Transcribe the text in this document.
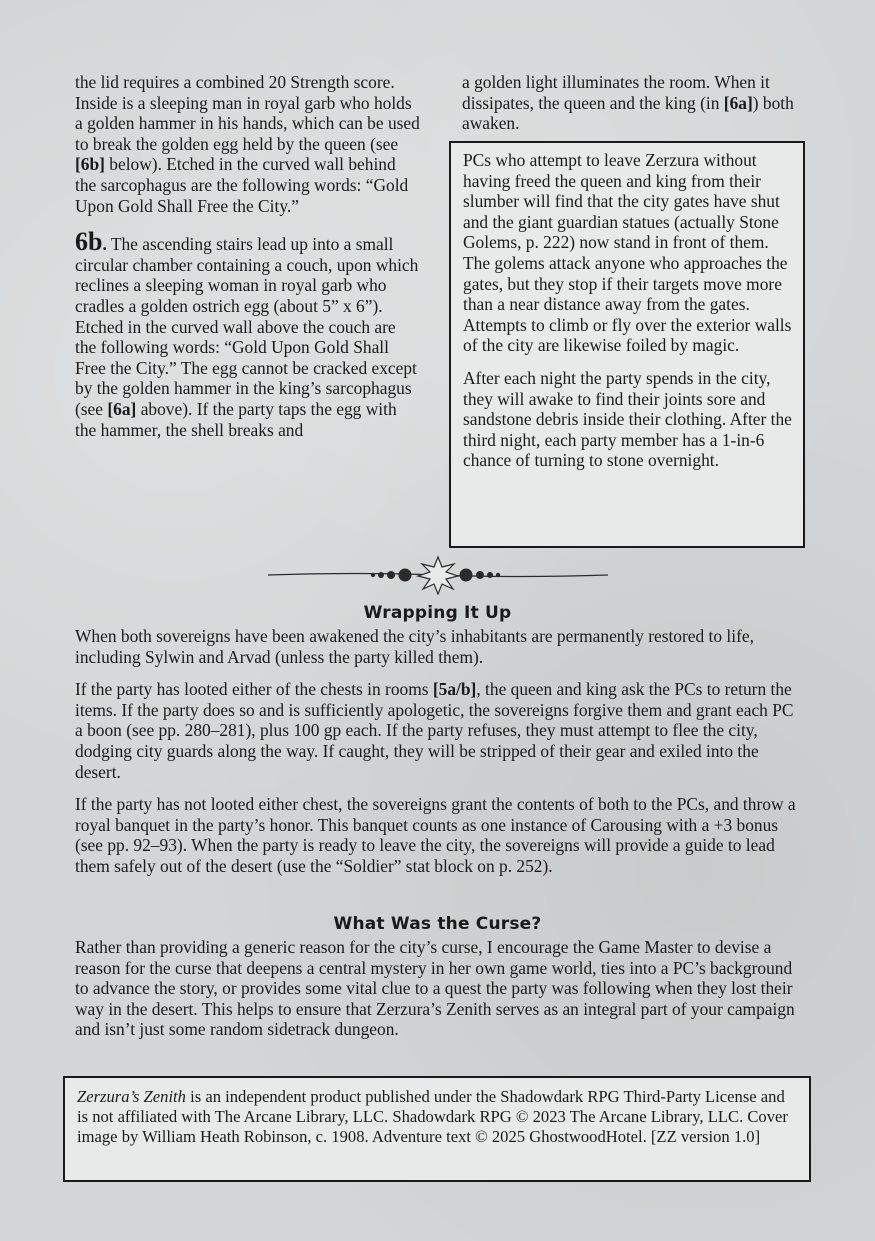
the lid requires a combined 20 Strength score. Inside is a sleeping man in royal garb who holds a golden hammer in his hands, which can be used to break the golden egg held by the queen (see [6b] below). Etched in the curved wall behind the sarcophagus are the following words: “Gold Upon Gold Shall Free the City.”

6b. The ascending stairs lead up into a small circular chamber containing a couch, upon which reclines a sleeping woman in royal garb who cradles a golden ostrich egg (about 5” x 6”). Etched in the curved wall above the couch are the following words: “Gold Upon Gold Shall Free the City.” The egg cannot be cracked except by the golden hammer in the king’s sarcophagus (see [6a] above). If the party taps the egg with the hammer, the shell breaks and

a golden light illuminates the room. When it dissipates, the queen and the king (in [6a]) both awaken.

PCs who attempt to leave Zerzura without having freed the queen and king from their slumber will find that the city gates have shut and the giant guardian statues (actually Stone Golems, p. 222) now stand in front of them. The golems attack anyone who approaches the gates, but they stop if their targets move more than a near distance away from the gates. Attempts to climb or fly over the exterior walls of the city are likewise foiled by magic.

After each night the party spends in the city, they will awake to find their joints sore and sandstone debris inside their clothing. After the third night, each party member has a 1-in-6 chance of turning to stone overnight.

Wrapping It Up

When both sovereigns have been awakened the city’s inhabitants are permanently restored to life, including Sylwin and Arvad (unless the party killed them).

If the party has looted either of the chests in rooms [5a/b], the queen and king ask the PCs to return the items. If the party does so and is sufficiently apologetic, the sovereigns forgive them and grant each PC a boon (see pp. 280–281), plus 100 gp each. If the party refuses, they must attempt to flee the city, dodging city guards along the way. If caught, they will be stripped of their gear and exiled into the desert.

If the party has not looted either chest, the sovereigns grant the contents of both to the PCs, and throw a royal banquet in the party’s honor. This banquet counts as one instance of Carousing with a +3 bonus (see pp. 92–93). When the party is ready to leave the city, the sovereigns will provide a guide to lead them safely out of the desert (use the “Soldier” stat block on p. 252).

What Was the Curse?

Rather than providing a generic reason for the city’s curse, I encourage the Game Master to devise a reason for the curse that deepens a central mystery in her own game world, ties into a PC’s background to advance the story, or provides some vital clue to a quest the party was following when they lost their way in the desert. This helps to ensure that Zerzura’s Zenith serves as an integral part of your campaign and isn’t just some random sidetrack dungeon.

Zerzura’s Zenith is an independent product published under the Shadowdark RPG Third-Party License and is not affiliated with The Arcane Library, LLC. Shadowdark RPG © 2023 The Arcane Library, LLC. Cover image by William Heath Robinson, c. 1908. Adventure text © 2025 GhostwoodHotel. [ZZ version 1.0]
